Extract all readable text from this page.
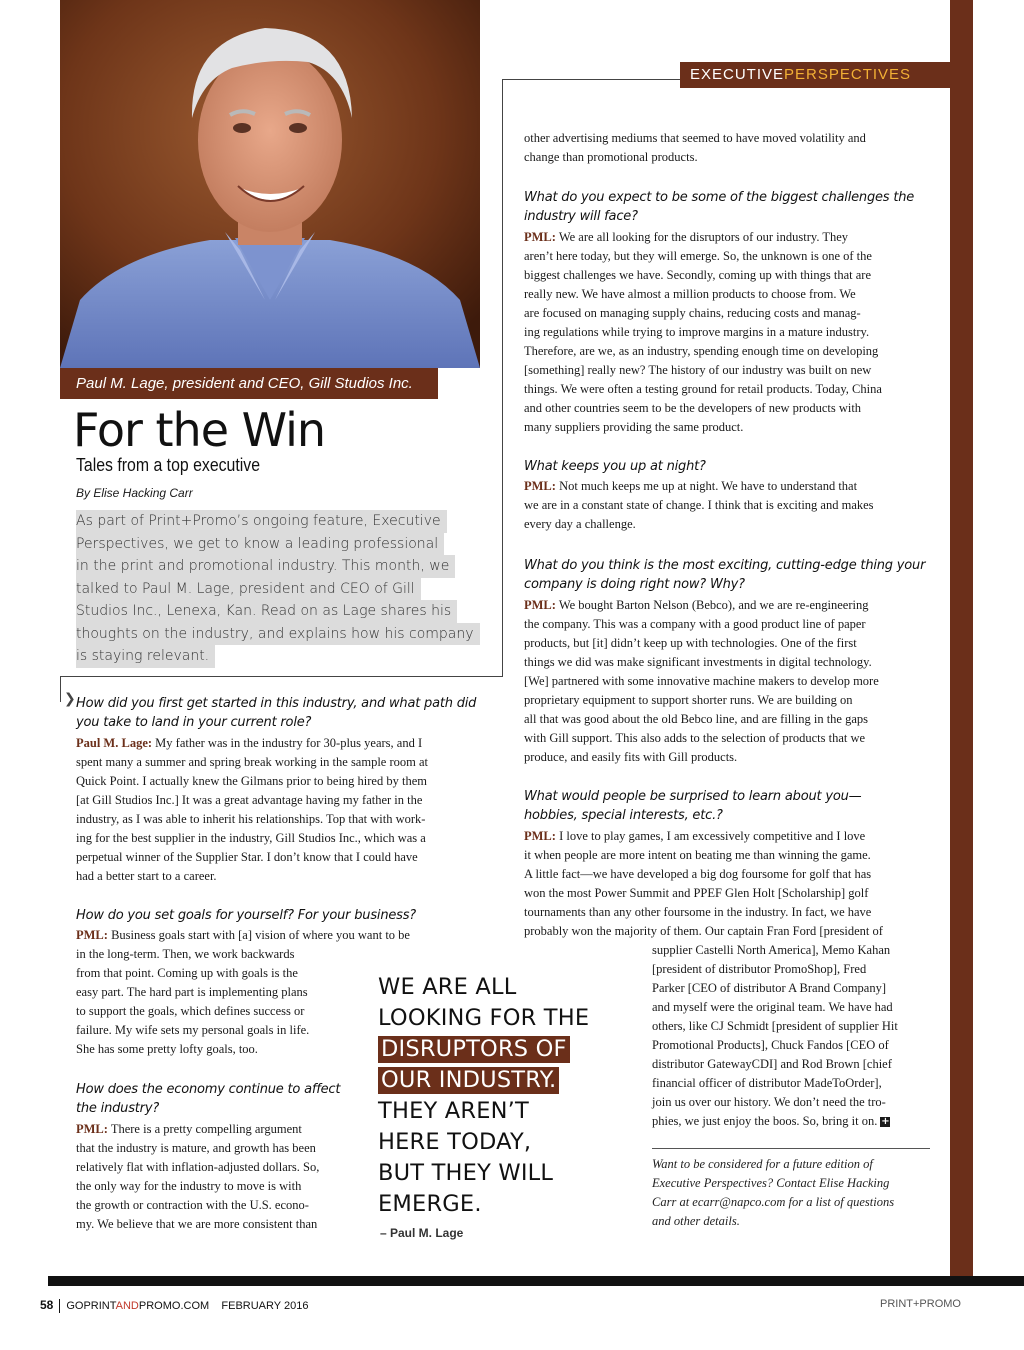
EXECUTIVEPERSPECTIVES
❯
Paul M. Lage, president and CEO, Gill Studios Inc.
For the Win
Tales from a top executive
By Elise Hacking Carr
As part of Print+Promo’s ongoing feature, Executive
Perspectives, we get to know a leading professional
in the print and promotional industry. This month, we
talked to Paul M. Lage, president and CEO of Gill
Studios Inc., Lenexa, Kan. Read on as Lage shares his
thoughts on the industry, and explains how his company
is staying relevant.
How did you first get started in this industry, and what path did
you take to land in your current role?
Paul M. Lage: My father was in the industry for 30-plus years, and I
spent many a summer and spring break working in the sample room at
Quick Point. I actually knew the Gilmans prior to being hired by them
[at Gill Studios Inc.] It was a great advantage having my father in the
industry, as I was able to inherit his relationships. Top that with work-
ing for the best supplier in the industry, Gill Studios Inc., which was a
perpetual winner of the Supplier Star. I don’t know that I could have
had a better start to a career.
How do you set goals for yourself? For your business?
PML: Business goals start with [a] vision of where you want to be
in the long-term. Then, we work backwards
from that point. Coming up with goals is the
easy part. The hard part is implementing plans
to support the goals, which defines success or
failure. My wife sets my personal goals in life.
She has some pretty lofty goals, too.
How does the economy continue to affect
the industry?
PML: There is a pretty compelling argument
that the industry is mature, and growth has been
relatively flat with inflation-adjusted dollars. So,
the only way for the industry to move is with
the growth or contraction with the U.S. econo-
my. We believe that we are more consistent than
WE ARE ALL
LOOKING FOR THE
DISRUPTORS OF
OUR INDUSTRY.
THEY AREN’T
HERE TODAY,
BUT THEY WILL
EMERGE.
– Paul M. Lage
other advertising mediums that seemed to have moved volatility and
change than promotional products.
What do you expect to be some of the biggest challenges the
industry will face?
PML: We are all looking for the disruptors of our industry. They
aren’t here today, but they will emerge. So, the unknown is one of the
biggest challenges we have. Secondly, coming up with things that are
really new. We have almost a million products to choose from. We
are focused on managing supply chains, reducing costs and manag-
ing regulations while trying to improve margins in a mature industry.
Therefore, are we, as an industry, spending enough time on developing
[something] really new? The history of our industry was built on new
things. We were often a testing ground for retail products. Today, China
and other countries seem to be the developers of new products with
many suppliers providing the same product.
What keeps you up at night?
PML: Not much keeps me up at night. We have to understand that
we are in a constant state of change. I think that is exciting and makes
every day a challenge.
What do you think is the most exciting, cutting-edge thing your
company is doing right now? Why?
PML: We bought Barton Nelson (Bebco), and we are re-engineering
the company. This was a company with a good product line of paper
products, but [it] didn’t keep up with technologies. One of the first
things we did was make significant investments in digital technology.
[We] partnered with some innovative machine makers to develop more
proprietary equipment to support shorter runs. We are building on
all that was good about the old Bebco line, and are filling in the gaps
with Gill support. This also adds to the selection of products that we
produce, and easily fits with Gill products.
What would people be surprised to learn about you—
hobbies, special interests, etc.?
PML: I love to play games, I am excessively competitive and I love
it when people are more intent on beating me than winning the game.
A little fact—we have developed a big dog foursome for golf that has
won the most Power Summit and PPEF Glen Holt [Scholarship] golf
tournaments than any other foursome in the industry. In fact, we have
probably won the majority of them. Our captain Fran Ford [president of
supplier Castelli North America], Memo Kahan
[president of distributor PromoShop], Fred
Parker [CEO of distributor A Brand Company]
and myself were the original team. We have had
others, like CJ Schmidt [president of supplier Hit
Promotional Products], Chuck Fandos [CEO of
distributor GatewayCDI] and Rod Brown [chief
financial officer of distributor MadeToOrder],
join us over our history. We don’t need the tro-
phies, we just enjoy the boos. So, bring it on. +
Want to be considered for a future edition of
Executive Perspectives? Contact Elise Hacking
Carr at ecarr@napco.com for a list of questions
and other details.
58 GOPRINTANDPROMO.COM FEBRUARY 2016	PRINT+PROMO
